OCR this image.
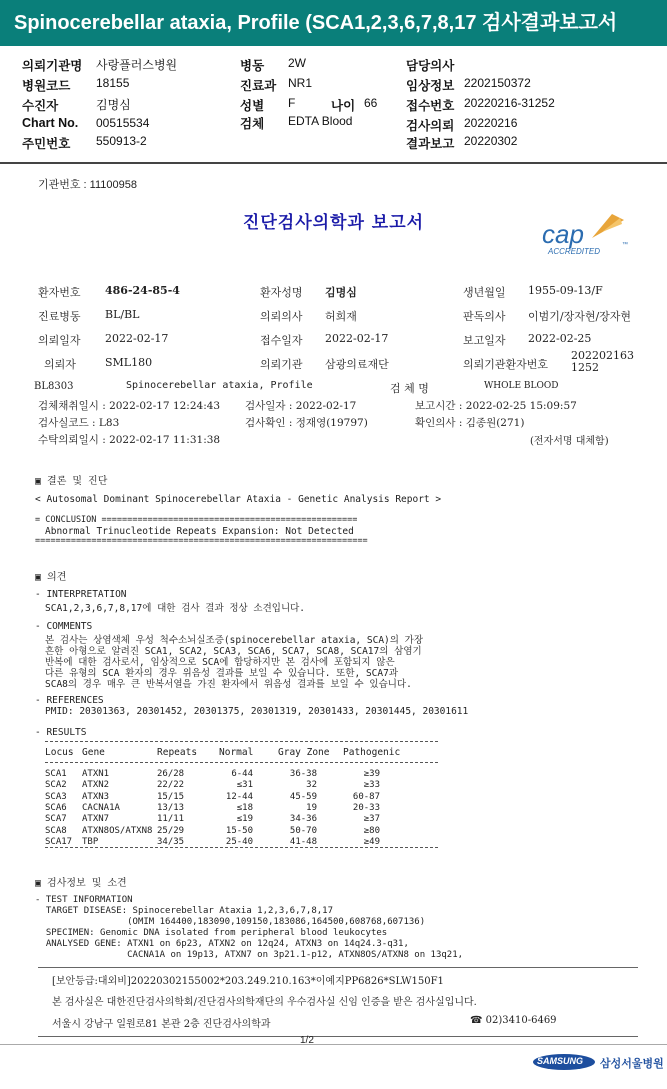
Spinocerebellar ataxia, Profile (SCA1,2,3,6,7,8,17 검사결과보고서
의뢰기관명 사랑플러스병원
병원코드 18155
수진자	김명심
Chart No. 00515534
주민번호 550913-2
병동 2W
진료과 NR1
성별 F	나이 66
검체 EDTA Blood
담당의사
임상정보 2202150372
접수번호 20220216-31252
검사의뢰 20220216
결과보고 20220302
기관번호 : 11100958
진단검사의학과 보고서	cap
ACCREDITED
™
환자번호 486-24-85-4	환자성명 김명심	생년월일 1955-09-13/F
진료병동 BL/BL	의뢰의사 허희재	판독의사 이범기/장자현/장자현
의뢰일자 2022-02-17	접수일자 2022-02-17	보고일자 2022-02-25
의뢰자	SML180	의뢰기관 삼광의료재단	의뢰기관환자번호
2022021631252
BL8303	Spinocerebellar ataxia, Profile	검 체 명	WHOLE BLOOD
검체채취일시 : 2022-02-17 12:24:43 검사일자 : 2022-02-17	보고시간 : 2022-02-25 15:09:57
검사실코드 : L83	검사확인 : 정재영(19797)	확인의사 : 김종원(271)
수탁의뢰일시 : 2022-02-17 11:31:38	(전자서명 대체함)
▣ 결론 및 진단
< Autosomal Dominant Spinocerebellar Ataxia - Genetic Analysis Report >
= CONCLUSION ==================================================
Abnormal Trinucleotide Repeats Expansion: Not Detected
=================================================================
▣ 의견
- INTERPRETATION
SCA1,2,3,6,7,8,17에 대한 검사 결과 정상 소견입니다.
- COMMENTS
본 검사는 상염색체 우성 척수소뇌실조증(spinocerebellar ataxia, SCA)의 가장
흔한 아형으로 알려진 SCA1, SCA2, SCA3, SCA6, SCA7, SCA8, SCA17의 삼염기
반복에 대한 검사로서, 임상적으로 SCA에 합당하지만 본 검사에 포함되지 않은
다른 유형의 SCA 환자의 경우 위음성 결과를 보일 수 있습니다. 또한, SCA7과
SCA8의 경우 매우 큰 반복서열을 가진 환자에서 위음성 결과를 보일 수 있습니다.
- REFERENCES
PMID: 20301363, 20301452, 20301375, 20301319, 20301433, 20301445, 20301611
- RESULTS
Locus Gene	Repeats Normal	Gray Zone Pathogenic
SCA1 ATXN1	26/28	6-44	36-38	≥39
SCA2 ATXN2	22/22	≤31	32	≥33
SCA3 ATXN3	15/15	12-44	45-59	60-87
SCA6 CACNA1A	13/13	≤18	19	20-33
SCA7 ATXN7	11/11	≤19	34-36	≥37
SCA8 ATXN8OS/ATXN8 25/29	15-50	50-70	≥80
SCA17 TBP	34/35	25-40	41-48	≥49
▣ 검사정보 및 소견
- TEST INFORMATION
TARGET DISEASE: Spinocerebellar Ataxia 1,2,3,6,7,8,17
(OMIM 164400,183090,109150,183086,164500,608768,607136)
SPECIMEN: Genomic DNA isolated from peripheral blood leukocytes
ANALYSED GENE: ATXN1 on 6p23, ATXN2 on 12q24, ATXN3 on 14q24.3-q31,
CACNA1A on 19p13, ATXN7 on 3p21.1-p12, ATXN8OS/ATXN8 on 13q21,
[보안등급:대외비]20220302155002*203.249.210.163*이예지PP6826*SLW150F1
본 검사실은 대한진단검사의학회/진단검사의학재단의 우수검사실 신임 인증을 받은 검사실입니다.
서울시 강남구 일원로81 본관 2층 진단검사의학과	☎ 02)3410-6469
1/2
SAMSUNG 삼성서울병원
